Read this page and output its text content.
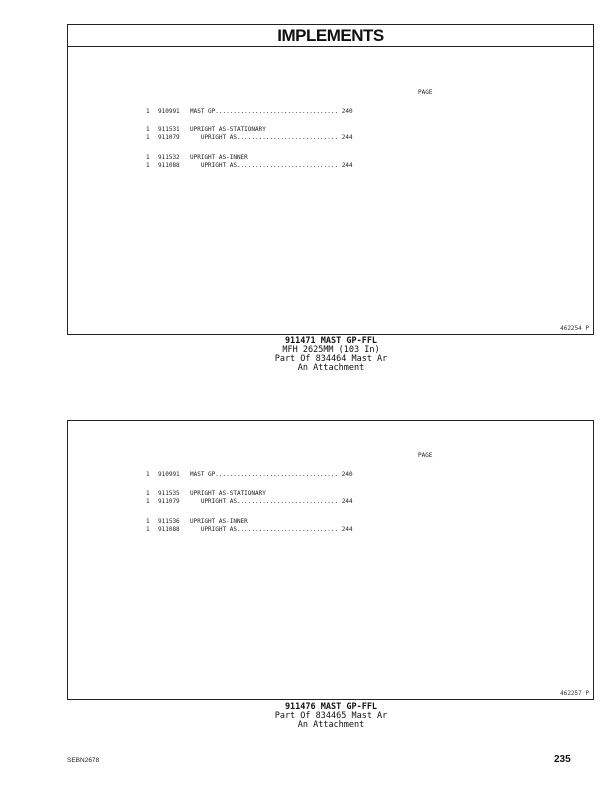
IMPLEMENTS
PAGE
1 910991 MAST GP.................................. 240
1 911531 UPRIGHT AS-STATIONARY
1 911079   UPRIGHT AS............................ 244
1 911532 UPRIGHT AS-INNER
1 911088   UPRIGHT AS............................ 244
462254 P
911471 MAST GP-FFL
MFH 2625MM (103 In)
Part Of 834464 Mast Ar
An Attachment
PAGE
1 910991 MAST GP.................................. 240
1 911535 UPRIGHT AS-STATIONARY
1 911079   UPRIGHT AS............................ 244
1 911536 UPRIGHT AS-INNER
1 911088   UPRIGHT AS............................ 244
462257 P
911476 MAST GP-FFL
Part Of 834465 Mast Ar
An Attachment
SEBN2678	235
